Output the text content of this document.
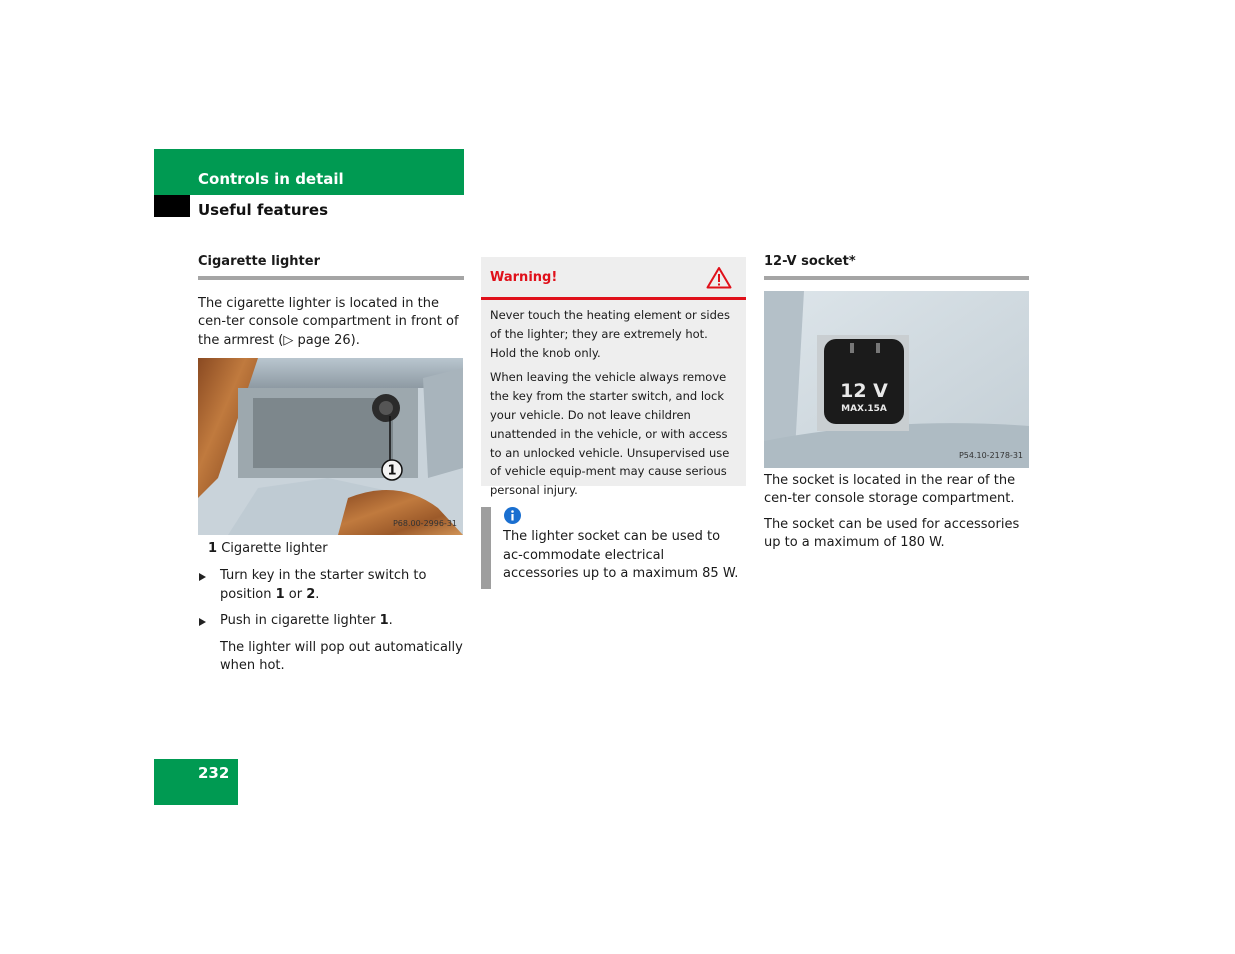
Controls in detail
Useful features
Cigarette lighter

The cigarette lighter is located in the cen-ter console compartment in front of the armrest (▷ page 26).

1
P68.00-2996-31

1 Cigarette lighter

Turn key in the starter switch to position 1 or 2.
Push in cigarette lighter 1.

The lighter will pop out automatically when hot.

Warning!

Never touch the heating element or sides of the lighter; they are extremely hot. Hold the knob only.

When leaving the vehicle always remove the key from the starter switch, and lock your vehicle. Do not leave children unattended in the vehicle, or with access to an unlocked vehicle. Unsupervised use of vehicle equip-ment may cause serious personal injury.

The lighter socket can be used to ac-commodate electrical accessories up to a maximum 85 W.
12-V socket*
12 V
MAX.15A
P54.10-2178-31

The socket is located in the rear of the cen-ter console storage compartment.

The socket can be used for accessories up to a maximum of 180 W.

232
